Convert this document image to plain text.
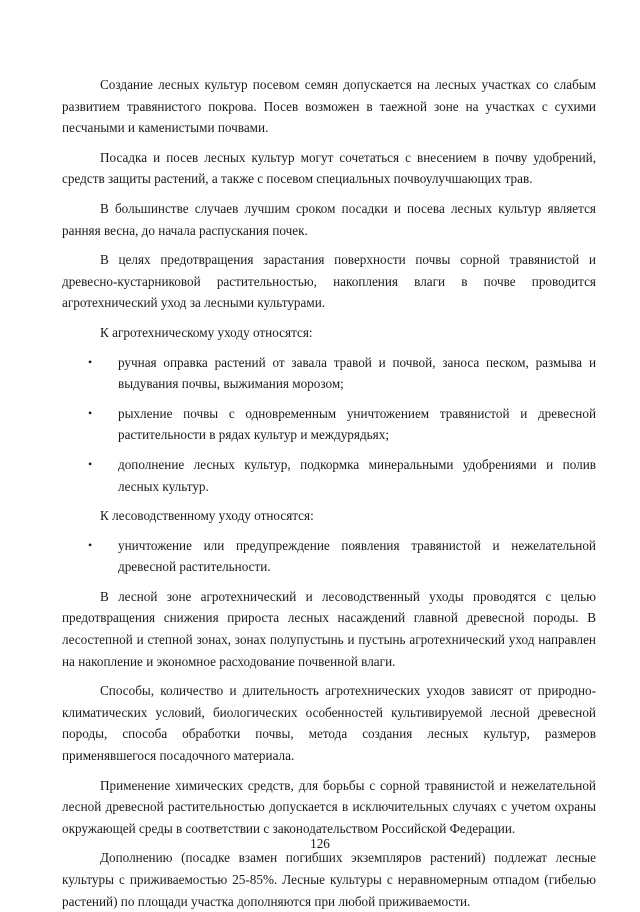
Создание лесных культур посевом семян допускается на лесных участках со слабым развитием травянистого покрова. Посев возможен в таежной зоне на участках с сухими песчаными и каменистыми почвами.

Посадка и посев лесных культур могут сочетаться с внесением в почву удобрений, средств защиты растений, а также с посевом специальных почвоулучшающих трав.

В большинстве случаев лучшим сроком посадки и посева лесных культур является ранняя весна, до начала распускания почек.

В целях предотвращения зарастания поверхности почвы сорной травянистой и древесно-кустарниковой растительностью, накопления влаги в почве проводится агротехнический уход за лесными культурами.

К агротехническому уходу относятся:

• ручная оправка растений от завала травой и почвой, заноса песком, размыва и выдувания почвы, выжимания морозом;
• рыхление почвы с одновременным уничтожением травянистой и древесной растительности в рядах культур и междурядьях;
• дополнение лесных культур, подкормка минеральными удобрениями и полив лесных культур.

К лесоводственному уходу относятся:

• уничтожение или предупреждение появления травянистой и нежелательной древесной растительности.

В лесной зоне агротехнический и лесоводственный уходы проводятся с целью предотвращения снижения прироста лесных насаждений главной древесной породы. В лесостепной и степной зонах, зонах полупустынь и пустынь агротехнический уход направлен на накопление и экономное расходование почвенной влаги.

Способы, количество и длительность агротехнических уходов зависят от природно-климатических условий, биологических особенностей культивируемой лесной древесной породы, способа обработки почвы, метода создания лесных культур, размеров применявшегося посадочного материала.

Применение химических средств, для борьбы с сорной травянистой и нежелательной лесной древесной растительностью допускается в исключительных случаях с учетом охраны окружающей среды в соответствии с законодательством Российской Федерации.

Дополнению (посадке взамен погибших экземпляров растений) подлежат лесные культуры с приживаемостью 25-85%. Лесные культуры с неравномерным отпадом (гибелью растений) по площади участка дополняются при любой приживаемости.

126
